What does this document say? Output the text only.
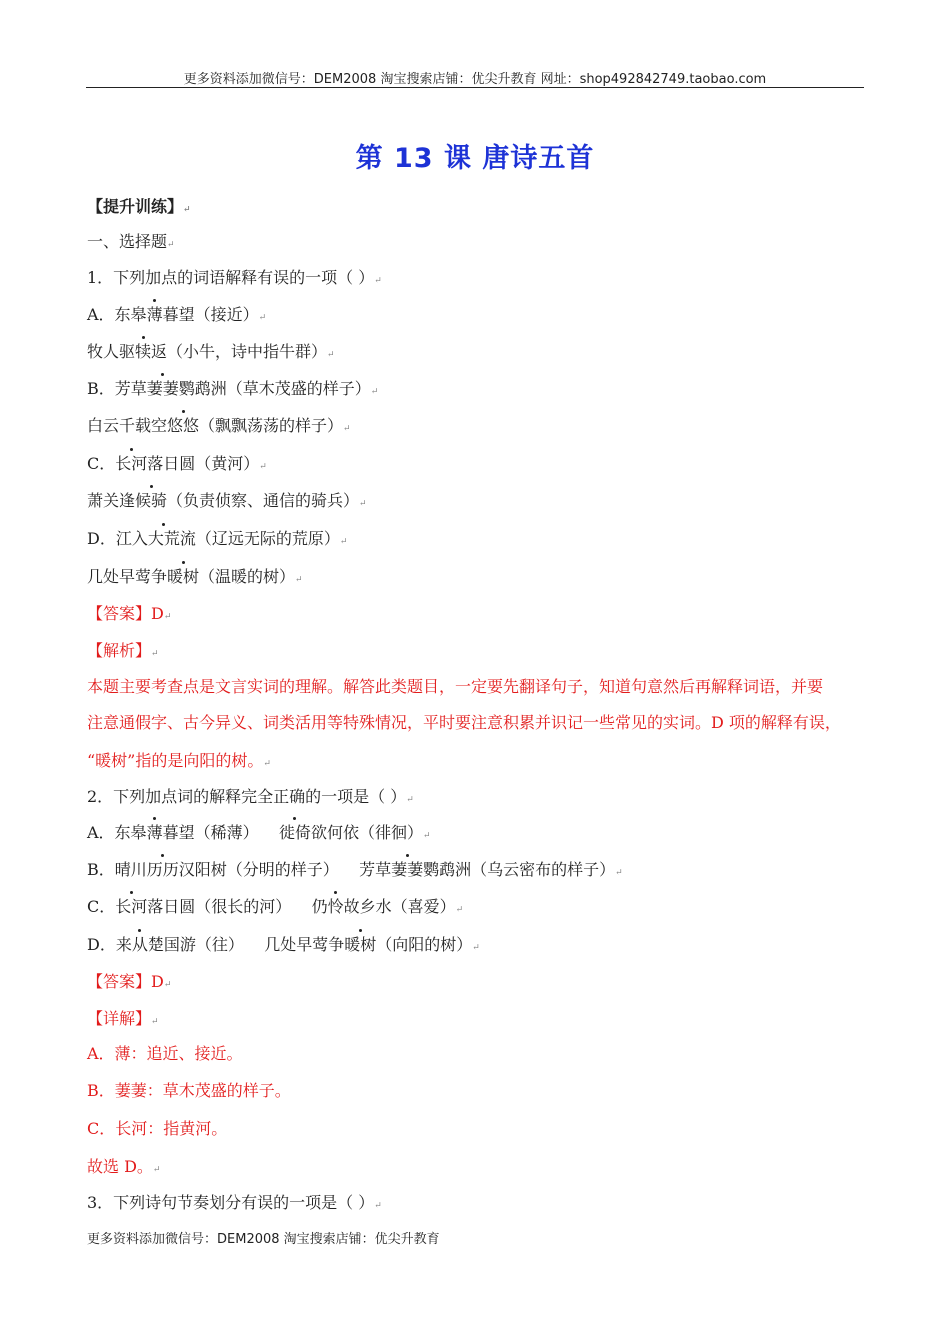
更多资料添加微信号：DEM2008 淘宝搜索店铺：优尖升教育 网址：shop492842749.taobao.com
第 13 课 唐诗五首
【提升训练】↵
一、选择题↵
1．下列加点的词语解释有误的一项（ ）↵
A．东皋薄暮望（接近）↵
牧人驱犊返（小牛，诗中指牛群）↵
B．芳草萋萋鹦鹉洲（草木茂盛的样子）↵
白云千载空悠悠（飘飘荡荡的样子）↵
C．长河落日圆（黄河）↵
萧关逢候骑（负责侦察、通信的骑兵）↵
D．江入大荒流（辽远无际的荒原）↵
几处早莺争暖树（温暖的树）↵
【答案】D↵
【解析】↵
本题主要考查点是文言实词的理解。解答此类题目，一定要先翻译句子，知道句意然后再解释词语，并要
注意通假字、古今异义、词类活用等特殊情况，平时要注意积累并识记一些常见的实词。D 项的解释有误，
“暖树”指的是向阳的树。↵
2．下列加点词的解释完全正确的一项是（ ）↵
A．东皋薄暮望（稀薄）    徙倚欲何依（徘徊）↵
B．晴川历历汉阳树（分明的样子）    芳草萋萋鹦鹉洲（乌云密布的样子）↵
C．长河落日圆（很长的河）    仍怜故乡水（喜爱）↵
D．来从楚国游（往）    几处早莺争暖树（向阳的树）↵
【答案】D↵
【详解】↵
A．薄：追近、接近。
B．萋萋：草木茂盛的样子。
C．长河：指黄河。
故选 D。↵
3．下列诗句节奏划分有误的一项是（ ）↵
更多资料添加微信号：DEM2008 淘宝搜索店铺：优尖升教育
